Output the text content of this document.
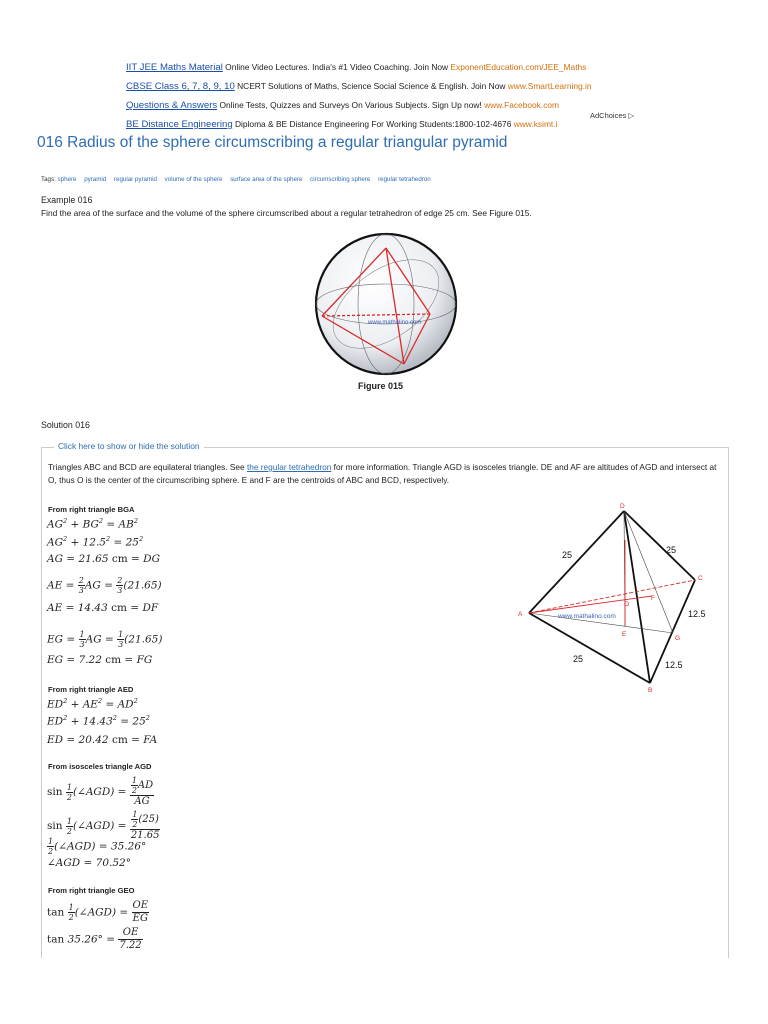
IIT JEE Maths Material Online Video Lectures. India's #1 Video Coaching. Join Now ExponentEducation.com/JEE_Maths
CBSE Class 6, 7, 8, 9, 10 NCERT Solutions of Maths, Science Social Science & English. Join Now www.SmartLearning.in
Questions & Answers Online Tests, Quizzes and Surveys On Various Subjects. Sign Up now! www.Facebook.com
BE Distance Engineering Diploma & BE Distance Engineering For Working Students:1800-102-4676 www.ksimt.i
AdChoices ▷
016 Radius of the sphere circumscribing a regular triangular pyramid
Tags: sphere pyramid regular pyramid volume of the sphere surface area of the sphere circumscribing sphere regular tetrahedron
Example 016
Find the area of the surface and the volume of the sphere circumscribed about a regular tetrahedron of edge 25 cm. See Figure 015.
www.mathalino.com
Figure 015
Solution 016
Click here to show or hide the solution
Triangles ABC and BCD are equilateral triangles. See the regular tetrahedron for more information. Triangle AGD is isosceles triangle. DE and AF are altitudes of AGD and intersect at O, thus O is the center of the circumscribing sphere. E and F are the centroids of ABC and BCD, respectively.
From right triangle BGA
$AG^2 + BG^2 = AB^2$
$AG^2 + 12.5^2 = 25^2$
AG = 21.65 cm = DG
AE = $\frac{2}{3}$ AG = $\frac{2}{3} (21.65)$
AE = 14.43 cm = DF
EG = $\frac{1}{3}$ AG = $\frac{1}{3} (21.65)$
EG = 7.22 cm = FG
From right triangle AED
$ED^2 + AE^2 = AD^2$
$ED^2 + 14.43^2 = 25^2$
ED = 20.42 cm = FA
From isosceles triangle AGD
$\sin \frac{1}{2}$ (∠AGD) = $\frac{\frac{1}{2} AD}{AG}$
$\sin \frac{1}{2}$ (∠AGD) = $\frac{\frac{1}{2} (25)}{21.65}$
$\frac{1}{2}$ (∠AGD) = 35.26°
∠AGD = 70.52°
From right triangle GEO
$\tan \frac{1}{2}$ (∠AGD) = $\frac{OE}{EG}$
$\tan 35.26^\circ = \frac{OE}{7.22}$
D
C
A
O
F
E
G
B
25	25
12.5
25
12.5
www.mathalino.com
